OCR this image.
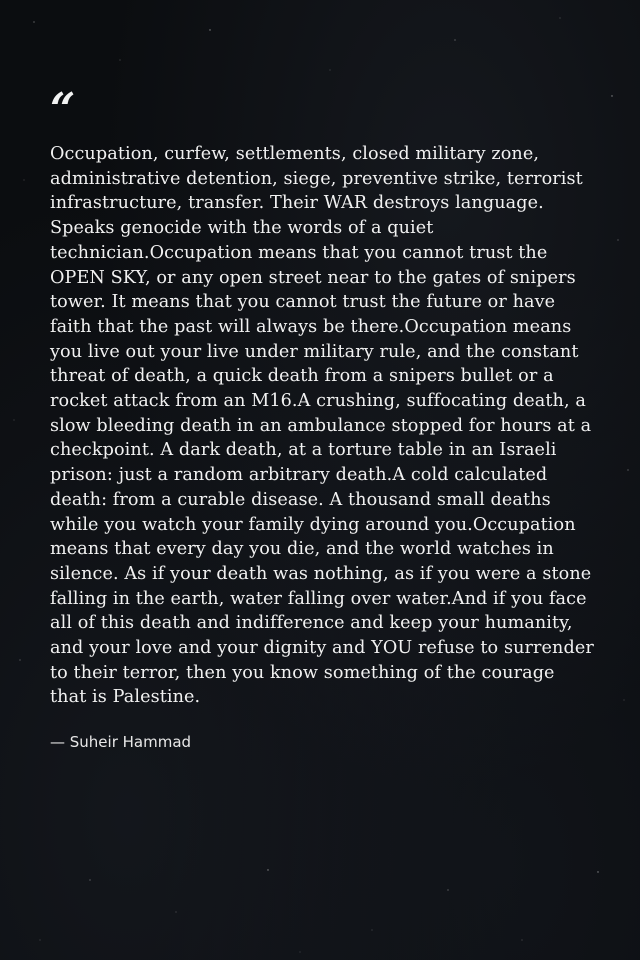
“

Occupation, curfew, settlements, closed military zone, administrative detention, siege, preventive strike, terrorist infrastructure, transfer. Their WAR destroys language. Speaks genocide with the words of a quiet technician.Occupation means that you cannot trust the OPEN SKY, or any open street near to the gates of snipers tower. It means that you cannot trust the future or have faith that the past will always be there.Occupation means you live out your live under military rule, and the constant threat of death, a quick death from a snipers bullet or a rocket attack from an M16.A crushing, suffocating death, a slow bleeding death in an ambulance stopped for hours at a checkpoint. A dark death, at a torture table in an Israeli prison: just a random arbitrary death.A cold calculated death: from a curable disease. A thousand small deaths while you watch your family dying around you.Occupation means that every day you die, and the world watches in silence. As if your death was nothing, as if you were a stone falling in the earth, water falling over water.And if you face all of this death and indifference and keep your humanity, and your love and your dignity and YOU refuse to surrender to their terror, then you know something of the courage that is Palestine.

— Suheir Hammad
